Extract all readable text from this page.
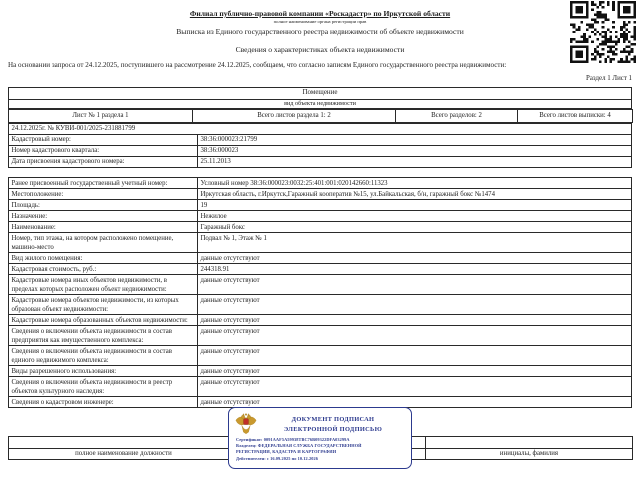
Филиал публично-правовой компании «Роскадастр» по Иркутской области
полное наименование органа регистрации прав
Выписка из Единого государственного реестра недвижимости об объекте недвижимости
Сведения о характеристиках объекта недвижимости
На основании запроса от 24.12.2025, поступившего на рассмотрение 24.12.2025, сообщаем, что согласно записям Единого государственного реестра недвижимости:
Раздел 1 Лист 1
Помещение
вид объекта недвижимости
Лист № 1 раздела 1	Всего листов раздела 1: 2	Всего разделов: 2	Всего листов выписки: 4
24.12.2025г. № КУВИ-001/2025-231881799	
Кадастровый номер:	38:36:000023:21799
Номер кадастрового квартала:	38:36:000023
Дата присвоения кадастрового номера:	25.11.2013
Ранее присвоенный государственный учетный номер:	Условный номер 38:36:000023:0032:25:401:001:020142660:11323
Местоположение:	Иркутская область, г.Иркутск,Гаражный кооператив №15, ул.Байкальская, б/н, гаражный бокс №1474
Площадь:	19
Назначение:	Нежилое
Наименование:	Гаражный бокс
Номер, тип этажа, на котором расположено помещение, машино-место	Подвал № 1, Этаж № 1
Вид жилого помещения:	данные отсутствуют
Кадастровая стоимость, руб.:	244318.91
Кадастровые номера иных объектов недвижимости, в пределах которых расположен объект недвижимости:	данные отсутствуют
Кадастровые номера объектов недвижимости, из которых образован объект недвижимости:	данные отсутствуют
Кадастровые номера образованных объектов недвижимости:	данные отсутствуют
Сведения о включении объекта недвижимости в состав предприятия как имущественного комплекса:	данные отсутствуют
Сведения о включении объекта недвижимости в состав единого недвижимого комплекса:	данные отсутствуют
Виды разрешенного использования:	данные отсутствуют
Сведения о включении объекта недвижимости в реестр объектов культурного наследия:	данные отсутствуют
Сведения о кадастровом инженере:	данные отсутствуют

полное наименование должности		инициалы, фамилия
ДОКУМЕНТ ПОДПИСАН
ЭЛЕКТРОННОЙ ПОДПИСЬЮ
Сертификат: 0091AAF5A59938ТВС76В09322DFA03299А
Владелец: ФЕДЕРАЛЬНАЯ СЛУЖБА ГОСУДАРСТВЕННОЙ
РЕГИСТРАЦИИ, КАДАСТРА И КАРТОГРАФИИ
Действителен: с 16.09.2025 по 10.12.2026
